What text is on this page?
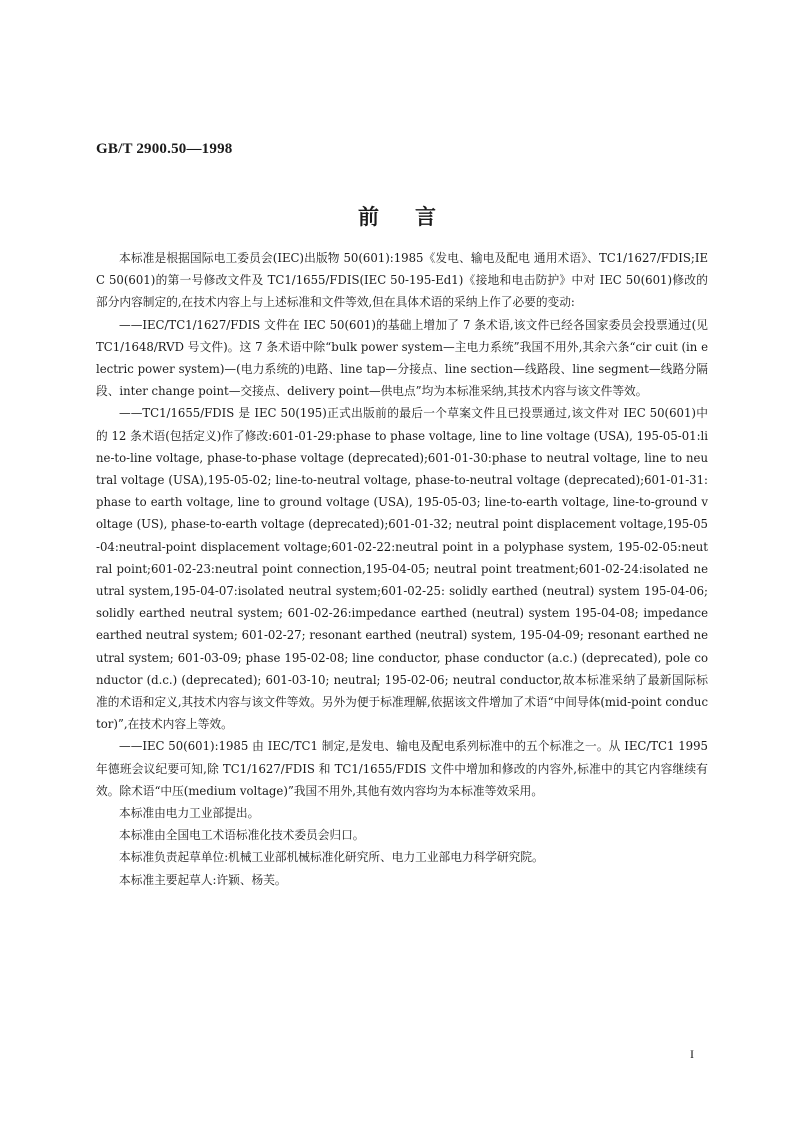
GB/T 2900.50—1998
前言

本标准是根据国际电工委员会(IEC)出版物 50(601):1985《发电、输电及配电 通用术语》、TC1/1627/FDIS;IEC 50(601)的第一号修改文件及 TC1/1655/FDIS(IEC 50-195-Ed1)《接地和电击防护》中对 IEC 50(601)修改的部分内容制定的,在技术内容上与上述标准和文件等效,但在具体术语的采纳上作了必要的变动:

——IEC/TC1/1627/FDIS 文件在 IEC 50(601)的基础上增加了 7 条术语,该文件已经各国家委员会投票通过(见 TC1/1648/RVD 号文件)。这 7 条术语中除“bulk power system—主电力系统”我国不用外,其余六条“cir cuit (in electric power system)—(电力系统的)电路、line tap—分接点、line section—线路段、line segment—线路分隔段、inter change point—交接点、delivery point—供电点”均为本标准采纳,其技术内容与该文件等效。

——TC1/1655/FDIS 是 IEC 50(195)正式出版前的最后一个草案文件且已投票通过,该文件对 IEC 50(601)中的 12 条术语(包括定义)作了修改:601-01-29:phase to phase voltage, line to line voltage (USA), 195-05-01:line-to-line voltage, phase-to-phase voltage (deprecated);601-01-30:phase to neutral voltage, line to neutral voltage (USA),195-05-02; line-to-neutral voltage, phase-to-neutral voltage (deprecated);601-01-31:phase to earth voltage, line to ground voltage (USA), 195-05-03; line-to-earth voltage, line-to-ground voltage (US), phase-to-earth voltage (deprecated);601-01-32; neutral point displacement voltage,195-05-04:neutral-point displacement voltage;601-02-22:neutral point in a polyphase system, 195-02-05:neutral point;601-02-23:neutral point connection,195-04-05; neutral point treatment;601-02-24:isolated neutral system,195-04-07:isolated neutral system;601-02-25: solidly earthed (neutral) system 195-04-06; solidly earthed neutral system; 601-02-26:impedance earthed (neutral) system 195-04-08; impedance earthed neutral system; 601-02-27; resonant earthed (neutral) system, 195-04-09; resonant earthed neutral system; 601-03-09; phase 195-02-08; line conductor, phase conductor (a.c.) (deprecated), pole conductor (d.c.) (deprecated); 601-03-10; neutral; 195-02-06; neutral conductor,故本标准采纳了最新国际标准的术语和定义,其技术内容与该文件等效。另外为便于标准理解,依据该文件增加了术语“中间导体(mid-point conductor)”,在技术内容上等效。

——IEC 50(601):1985 由 IEC/TC1 制定,是发电、输电及配电系列标准中的五个标准之一。从 IEC/TC1 1995 年德班会议纪要可知,除 TC1/1627/FDIS 和 TC1/1655/FDIS 文件中增加和修改的内容外,标准中的其它内容继续有效。除术语“中压(medium voltage)”我国不用外,其他有效内容均为本标准等效采用。

本标准由电力工业部提出。

本标准由全国电工术语标准化技术委员会归口。

本标准负责起草单位:机械工业部机械标准化研究所、电力工业部电力科学研究院。

本标准主要起草人:许颖、杨芙。

I
